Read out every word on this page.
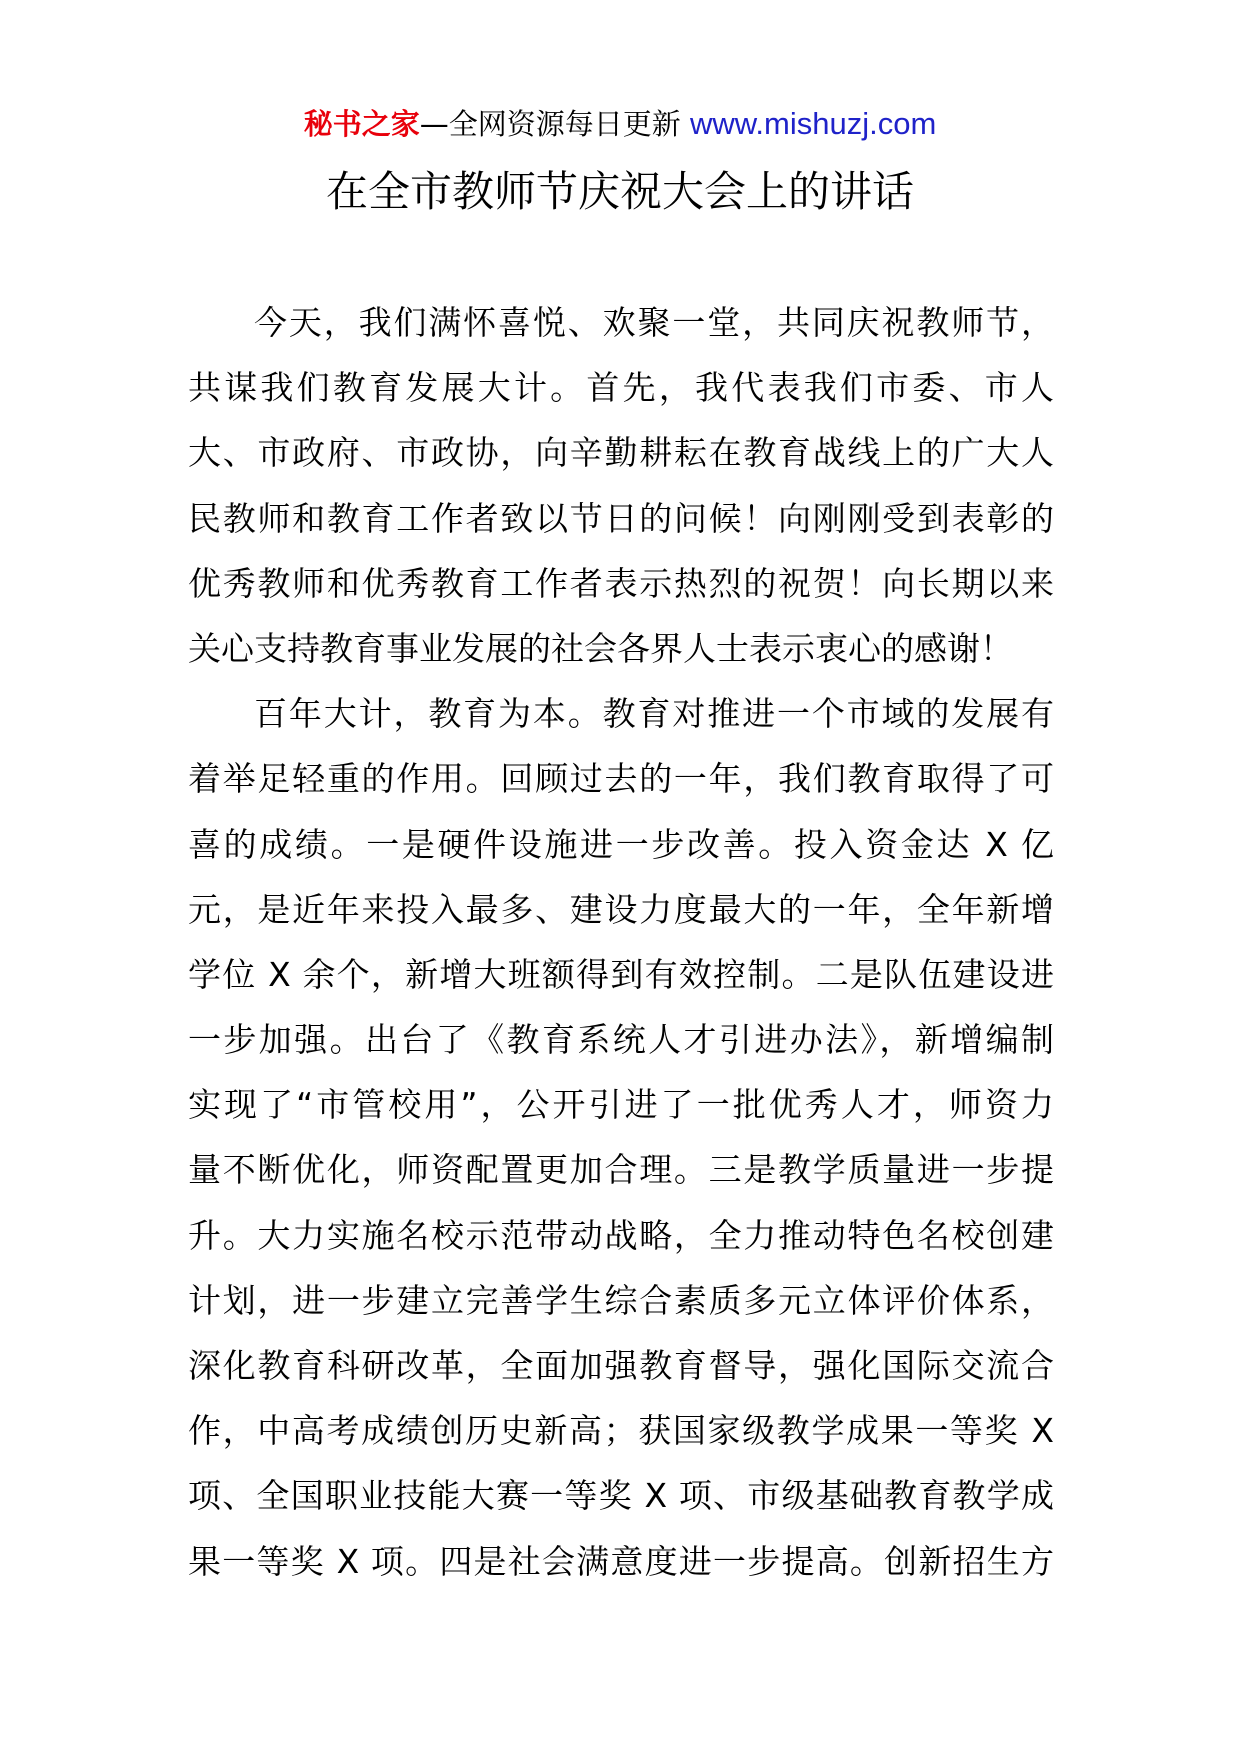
秘书之家—全网资源每日更新 www.mishuzj.com
在全市教师节庆祝大会上的讲话
今天，我们满怀喜悦、欢聚一堂，共同庆祝教师节，
共谋我们教育发展大计。首先，我代表我们市委、市人
大、市政府、市政协，向辛勤耕耘在教育战线上的广大人
民教师和教育工作者致以节日的问候！向刚刚受到表彰的
优秀教师和优秀教育工作者表示热烈的祝贺！向长期以来
关心支持教育事业发展的社会各界人士表示衷心的感谢！
百年大计，教育为本。教育对推进一个市域的发展有
着举足轻重的作用。回顾过去的一年，我们教育取得了可
喜的成绩。一是硬件设施进一步改善。投入资金达 X 亿
元，是近年来投入最多、建设力度最大的一年，全年新增
学位 X 余个，新增大班额得到有效控制。二是队伍建设进
一步加强。出台了《教育系统人才引进办法》，新增编制
实现了“市管校用”，公开引进了一批优秀人才，师资力
量不断优化，师资配置更加合理。三是教学质量进一步提
升。大力实施名校示范带动战略，全力推动特色名校创建
计划，进一步建立完善学生综合素质多元立体评价体系，
深化教育科研改革，全面加强教育督导，强化国际交流合
作，中高考成绩创历史新高；获国家级教学成果一等奖 X
项、全国职业技能大赛一等奖 X 项、市级基础教育教学成
果一等奖 X 项。四是社会满意度进一步提高。创新招生方
